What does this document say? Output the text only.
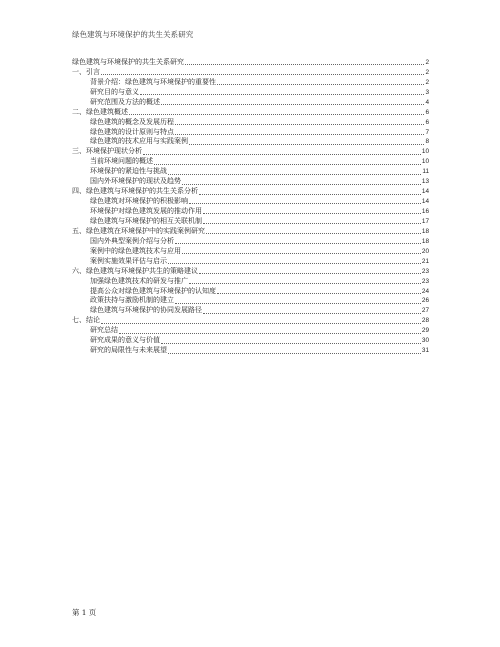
绿色建筑与环境保护的共生关系研究
绿色建筑与环境保护的共生关系研究	2
一、引言	2
背景介绍：绿色建筑与环境保护的重要性	2
研究目的与意义	3
研究范围及方法的概述	4
二、绿色建筑概述	6
绿色建筑的概念及发展历程	6
绿色建筑的设计原则与特点	7
绿色建筑的技术应用与实践案例	8
三、环境保护现状分析	10
当前环境问题的概述	10
环境保护的紧迫性与挑战	11
国内外环境保护的现状及趋势	13
四、绿色建筑与环境保护的共生关系分析	14
绿色建筑对环境保护的积极影响	14
环境保护对绿色建筑发展的推动作用	16
绿色建筑与环境保护的相互关联机制	17
五、绿色建筑在环境保护中的实践案例研究	18
国内外典型案例介绍与分析	18
案例中的绿色建筑技术与应用	20
案例实施效果评估与启示	21
六、绿色建筑与环境保护共生的策略建议	23
加强绿色建筑技术的研发与推广	23
提高公众对绿色建筑与环境保护的认知度	24
政策扶持与激励机制的建立	26
绿色建筑与环境保护的协同发展路径	27
七、结论	28
研究总结	29
研究成果的意义与价值	30
研究的局限性与未来展望	31
第 1 页
